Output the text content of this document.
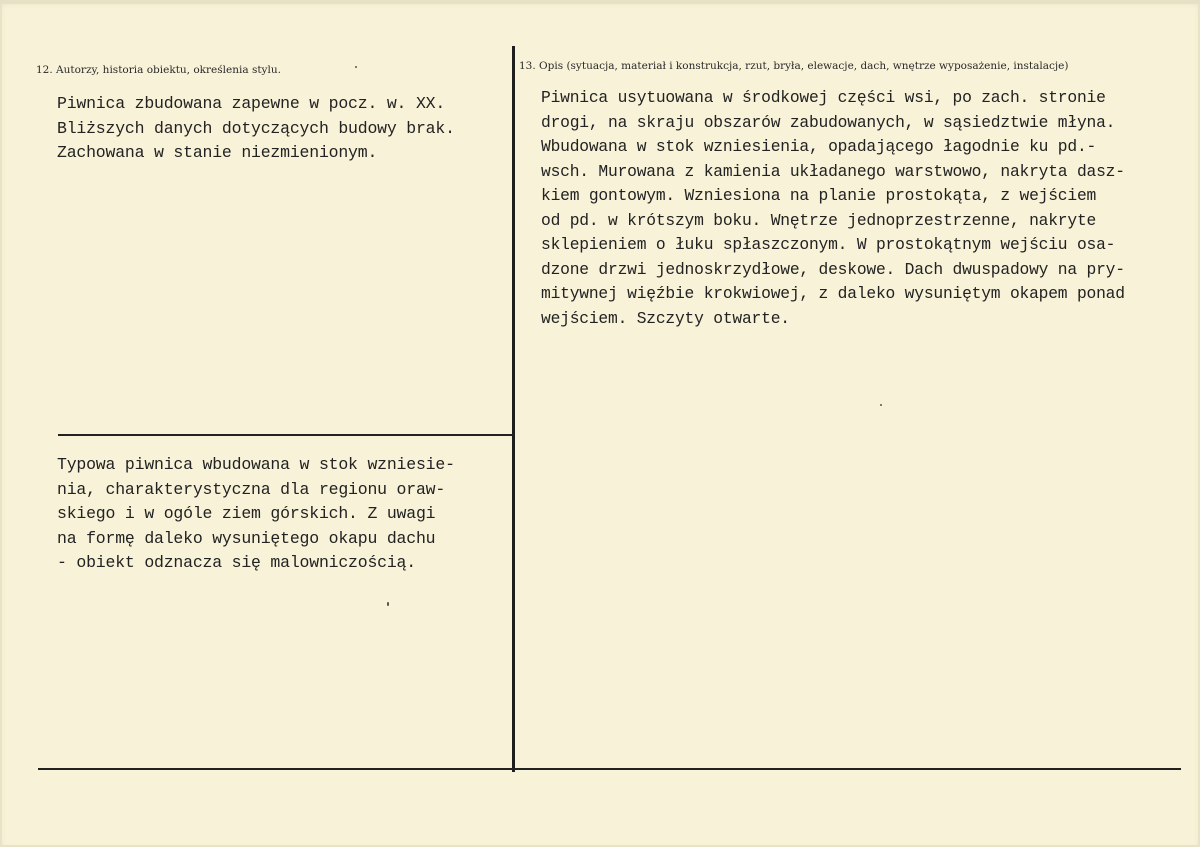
12. Autorzy, historia obiektu, określenia stylu.
Piwnica zbudowana zapewne w pocz. w. XX.
Bliższych danych dotyczących budowy brak.
Zachowana w stanie niezmienionym.
13. Opis (sytuacja, materiał i konstrukcja, rzut, bryła, elewacje, dach, wnętrze wyposażenie, instalacje)
Piwnica usytuowana w środkowej części wsi, po zach. stronie
drogi, na skraju obszarów zabudowanych, w sąsiedztwie młyna.
Wbudowana w stok wzniesienia, opadającego łagodnie ku pd.-
wsch. Murowana z kamienia układanego warstwowo, nakryta dasz-
kiem gontowym. Wzniesiona na planie prostokąta, z wejściem
od pd. w krótszym boku. Wnętrze jednoprzestrzenne, nakryte
sklepieniem o łuku spłaszczonym. W prostokątnym wejściu osa-
dzone drzwi jednoskrzydłowe, deskowe. Dach dwuspadowy na pry-
mitywnej więźbie krokwiowej, z daleko wysuniętym okapem ponad
wejściem. Szczyty otwarte.
Typowa piwnica wbudowana w stok wzniesie-
nia, charakterystyczna dla regionu oraw-
skiego i w ogóle ziem górskich. Z uwagi
na formę daleko wysuniętego okapu dachu
- obiekt odznacza się malowniczością.
